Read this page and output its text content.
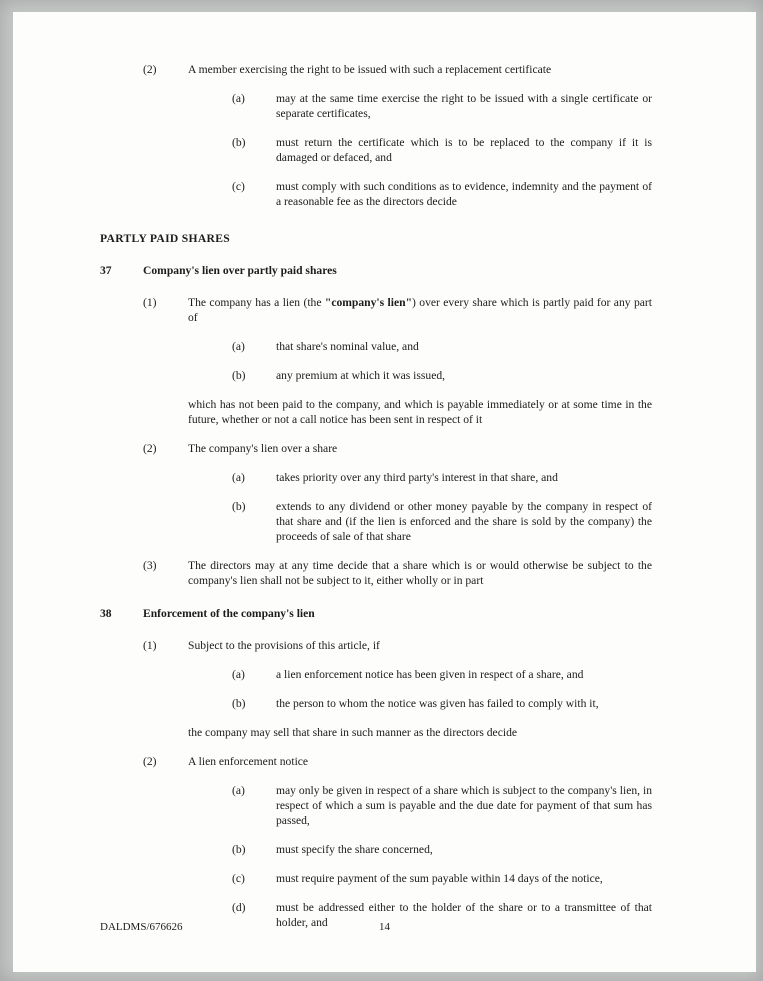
(2)	A member exercising the right to be issued with such a replacement certificate
(a)	may at the same time exercise the right to be issued with a single certificate or separate certificates,
(b)	must return the certificate which is to be replaced to the company if it is damaged or defaced, and
(c)	must comply with such conditions as to evidence, indemnity and the payment of a reasonable fee as the directors decide
PARTLY PAID SHARES
37	Company's lien over partly paid shares
(1)	The company has a lien (the "company's lien") over every share which is partly paid for any part of
(a)	that share's nominal value, and
(b)	any premium at which it was issued,
which has not been paid to the company, and which is payable immediately or at some time in the future, whether or not a call notice has been sent in respect of it
(2)	The company's lien over a share
(a)	takes priority over any third party's interest in that share, and
(b)	extends to any dividend or other money payable by the company in respect of that share and (if the lien is enforced and the share is sold by the company) the proceeds of sale of that share
(3)	The directors may at any time decide that a share which is or would otherwise be subject to the company's lien shall not be subject to it, either wholly or in part
38	Enforcement of the company's lien
(1)	Subject to the provisions of this article, if
(a)	a lien enforcement notice has been given in respect of a share, and
(b)	the person to whom the notice was given has failed to comply with it,
the company may sell that share in such manner as the directors decide
(2)	A lien enforcement notice
(a)	may only be given in respect of a share which is subject to the company's lien, in respect of which a sum is payable and the due date for payment of that sum has passed,
(b)	must specify the share concerned,
(c)	must require payment of the sum payable within 14 days of the notice,
(d)	must be addressed either to the holder of the share or to a transmittee of that holder, and
DALDMS/676626	14
